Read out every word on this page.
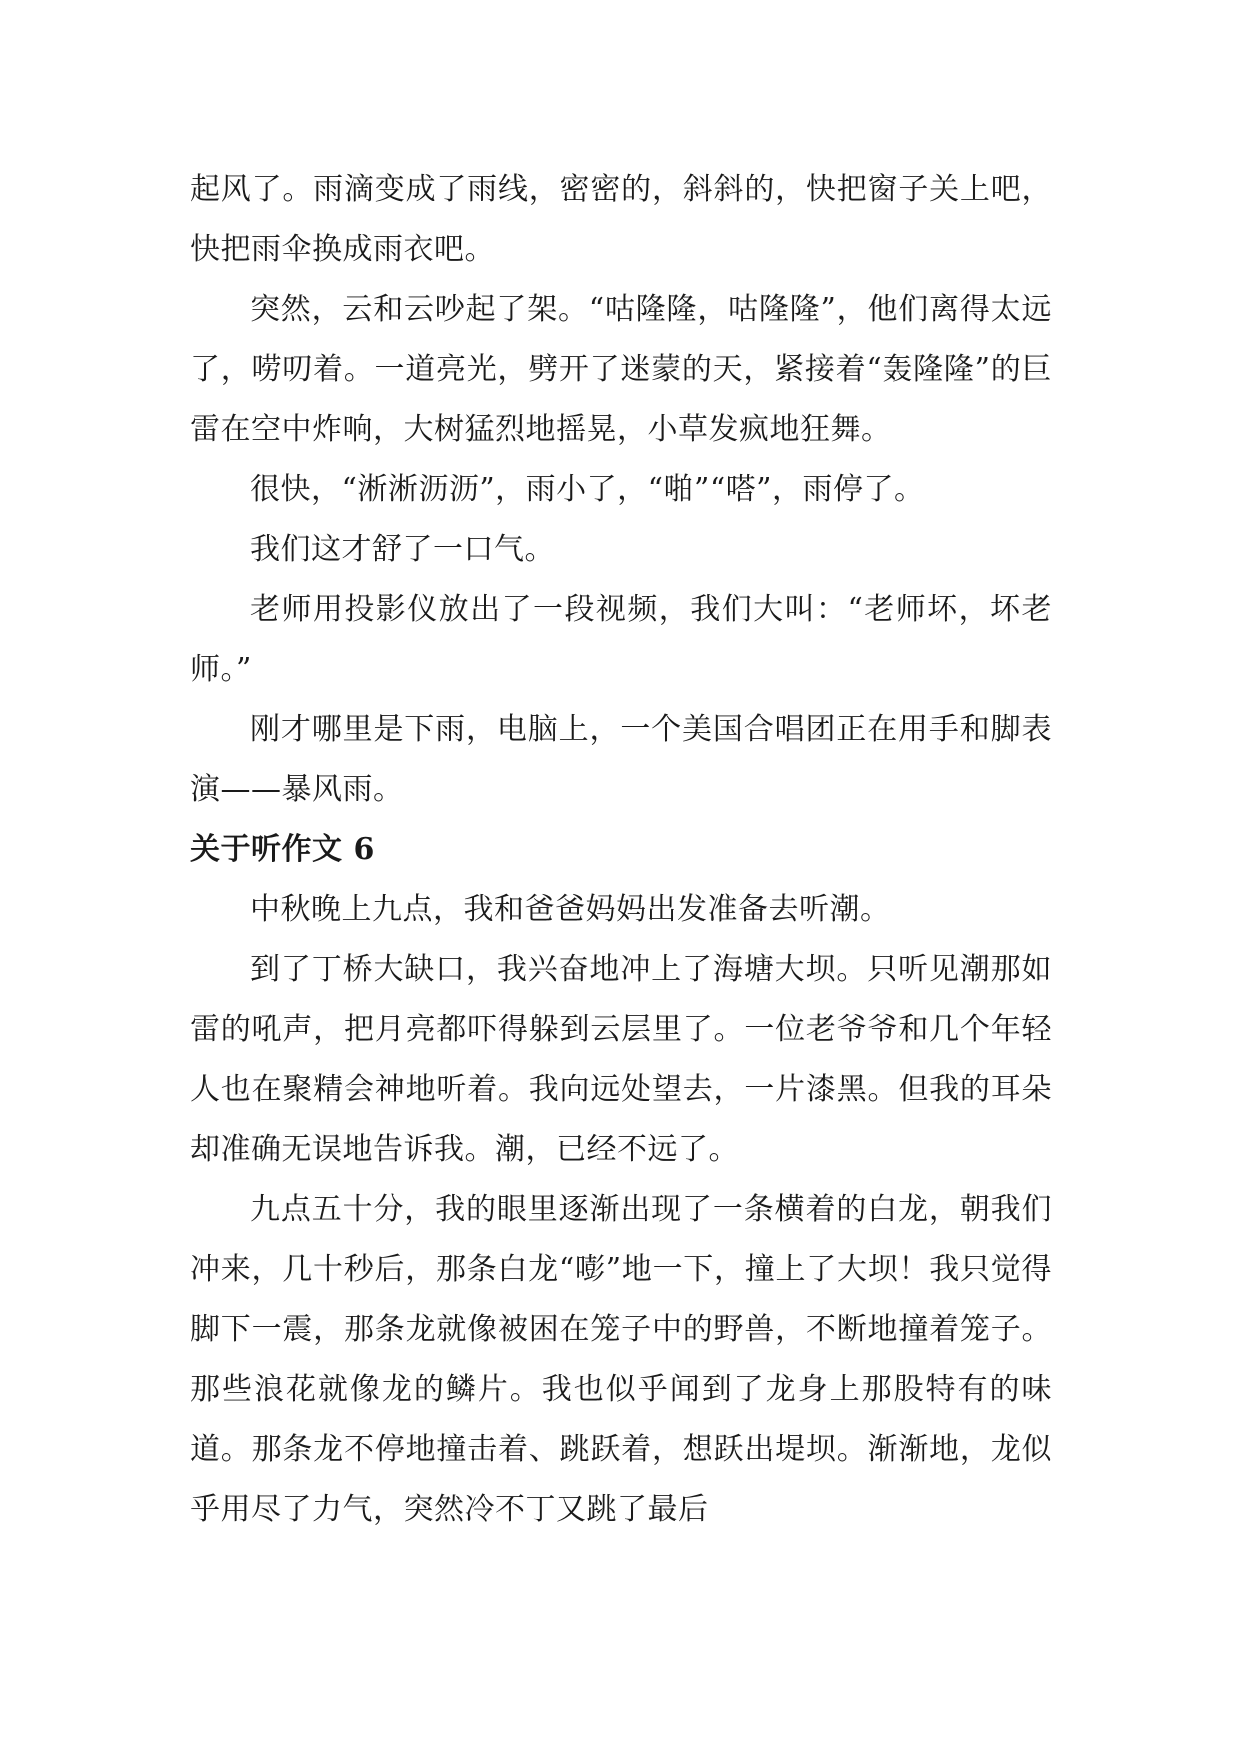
起风了。雨滴变成了雨线，密密的，斜斜的，快把窗子关上吧，快把雨伞换成雨衣吧。

突然，云和云吵起了架。“咕隆隆，咕隆隆”，他们离得太远了，唠叨着。一道亮光，劈开了迷蒙的天，紧接着“轰隆隆”的巨雷在空中炸响，大树猛烈地摇晃，小草发疯地狂舞。

很快，“淅淅沥沥”，雨小了，“啪”“嗒”，雨停了。

我们这才舒了一口气。

老师用投影仪放出了一段视频，我们大叫：“老师坏，坏老师。”

刚才哪里是下雨，电脑上，一个美国合唱团正在用手和脚表演——暴风雨。

关于听作文 6

中秋晚上九点，我和爸爸妈妈出发准备去听潮。

到了丁桥大缺口，我兴奋地冲上了海塘大坝。只听见潮那如雷的吼声，把月亮都吓得躲到云层里了。一位老爷爷和几个年轻人也在聚精会神地听着。我向远处望去，一片漆黑。但我的耳朵却准确无误地告诉我。潮，已经不远了。

九点五十分，我的眼里逐渐出现了一条横着的白龙，朝我们冲来，几十秒后，那条白龙“嘭”地一下，撞上了大坝！我只觉得脚下一震，那条龙就像被困在笼子中的野兽，不断地撞着笼子。那些浪花就像龙的鳞片。我也似乎闻到了龙身上那股特有的味道。那条龙不停地撞击着、跳跃着，想跃出堤坝。渐渐地，龙似乎用尽了力气，突然冷不丁又跳了最后
